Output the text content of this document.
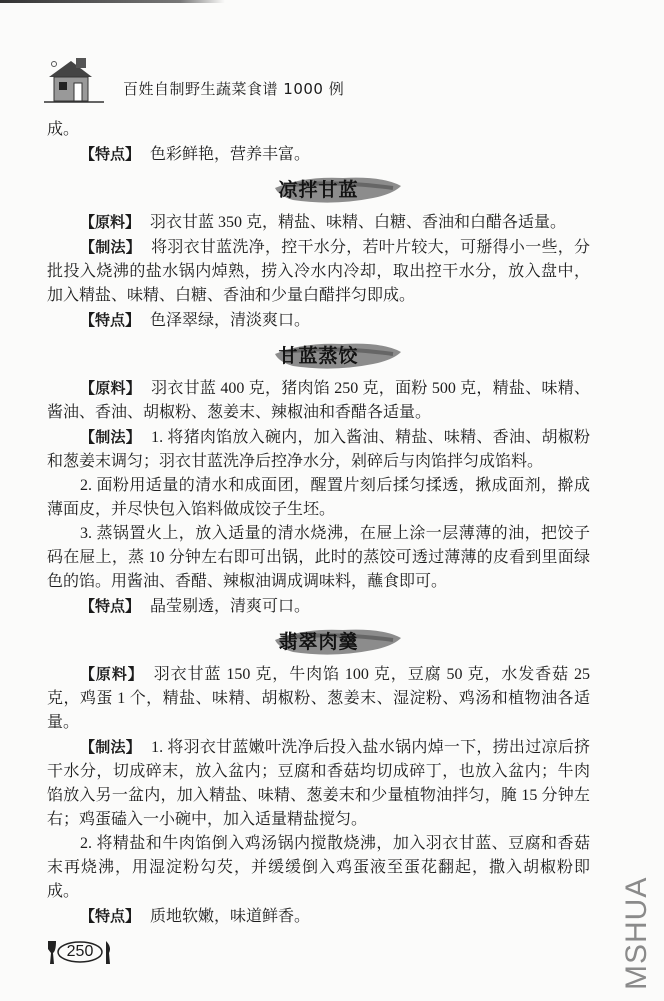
百姓自制野生蔬菜食谱 1000 例

成。

【特点】 色彩鲜艳，营养丰富。

凉拌甘蓝

【原料】 羽衣甘蓝 350 克，精盐、味精、白糖、香油和白醋各适量。

【制法】 将羽衣甘蓝洗净，控干水分，若叶片较大，可掰得小一些，分批投入烧沸的盐水锅内焯熟，捞入冷水内冷却，取出控干水分，放入盘中，加入精盐、味精、白糖、香油和少量白醋拌匀即成。

【特点】 色泽翠绿，清淡爽口。

甘蓝蒸饺

【原料】 羽衣甘蓝 400 克，猪肉馅 250 克，面粉 500 克，精盐、味精、酱油、香油、胡椒粉、葱姜末、辣椒油和香醋各适量。

【制法】 1. 将猪肉馅放入碗内，加入酱油、精盐、味精、香油、胡椒粉和葱姜末调匀；羽衣甘蓝洗净后控净水分，剁碎后与肉馅拌匀成馅料。

2. 面粉用适量的清水和成面团，醒置片刻后揉匀揉透，揪成面剂，擀成薄面皮，并尽快包入馅料做成饺子生坯。

3. 蒸锅置火上，放入适量的清水烧沸，在屉上涂一层薄薄的油，把饺子码在屉上，蒸 10 分钟左右即可出锅，此时的蒸饺可透过薄薄的皮看到里面绿色的馅。用酱油、香醋、辣椒油调成调味料，蘸食即可。

【特点】 晶莹剔透，清爽可口。

翡翠肉羹

【原料】 羽衣甘蓝 150 克，牛肉馅 100 克，豆腐 50 克，水发香菇 25 克，鸡蛋 1 个，精盐、味精、胡椒粉、葱姜末、湿淀粉、鸡汤和植物油各适量。

【制法】 1. 将羽衣甘蓝嫩叶洗净后投入盐水锅内焯一下，捞出过凉后挤干水分，切成碎末，放入盆内；豆腐和香菇均切成碎丁，也放入盆内；牛肉馅放入另一盆内，加入精盐、味精、葱姜末和少量植物油拌匀，腌 15 分钟左右；鸡蛋磕入一小碗中，加入适量精盐搅匀。

2. 将精盐和牛肉馅倒入鸡汤锅内搅散烧沸，加入羽衣甘蓝、豆腐和香菇末再烧沸，用湿淀粉勾芡，并缓缓倒入鸡蛋液至蛋花翻起，撒入胡椒粉即成。

【特点】 质地软嫩，味道鲜香。

250	MSHUA
